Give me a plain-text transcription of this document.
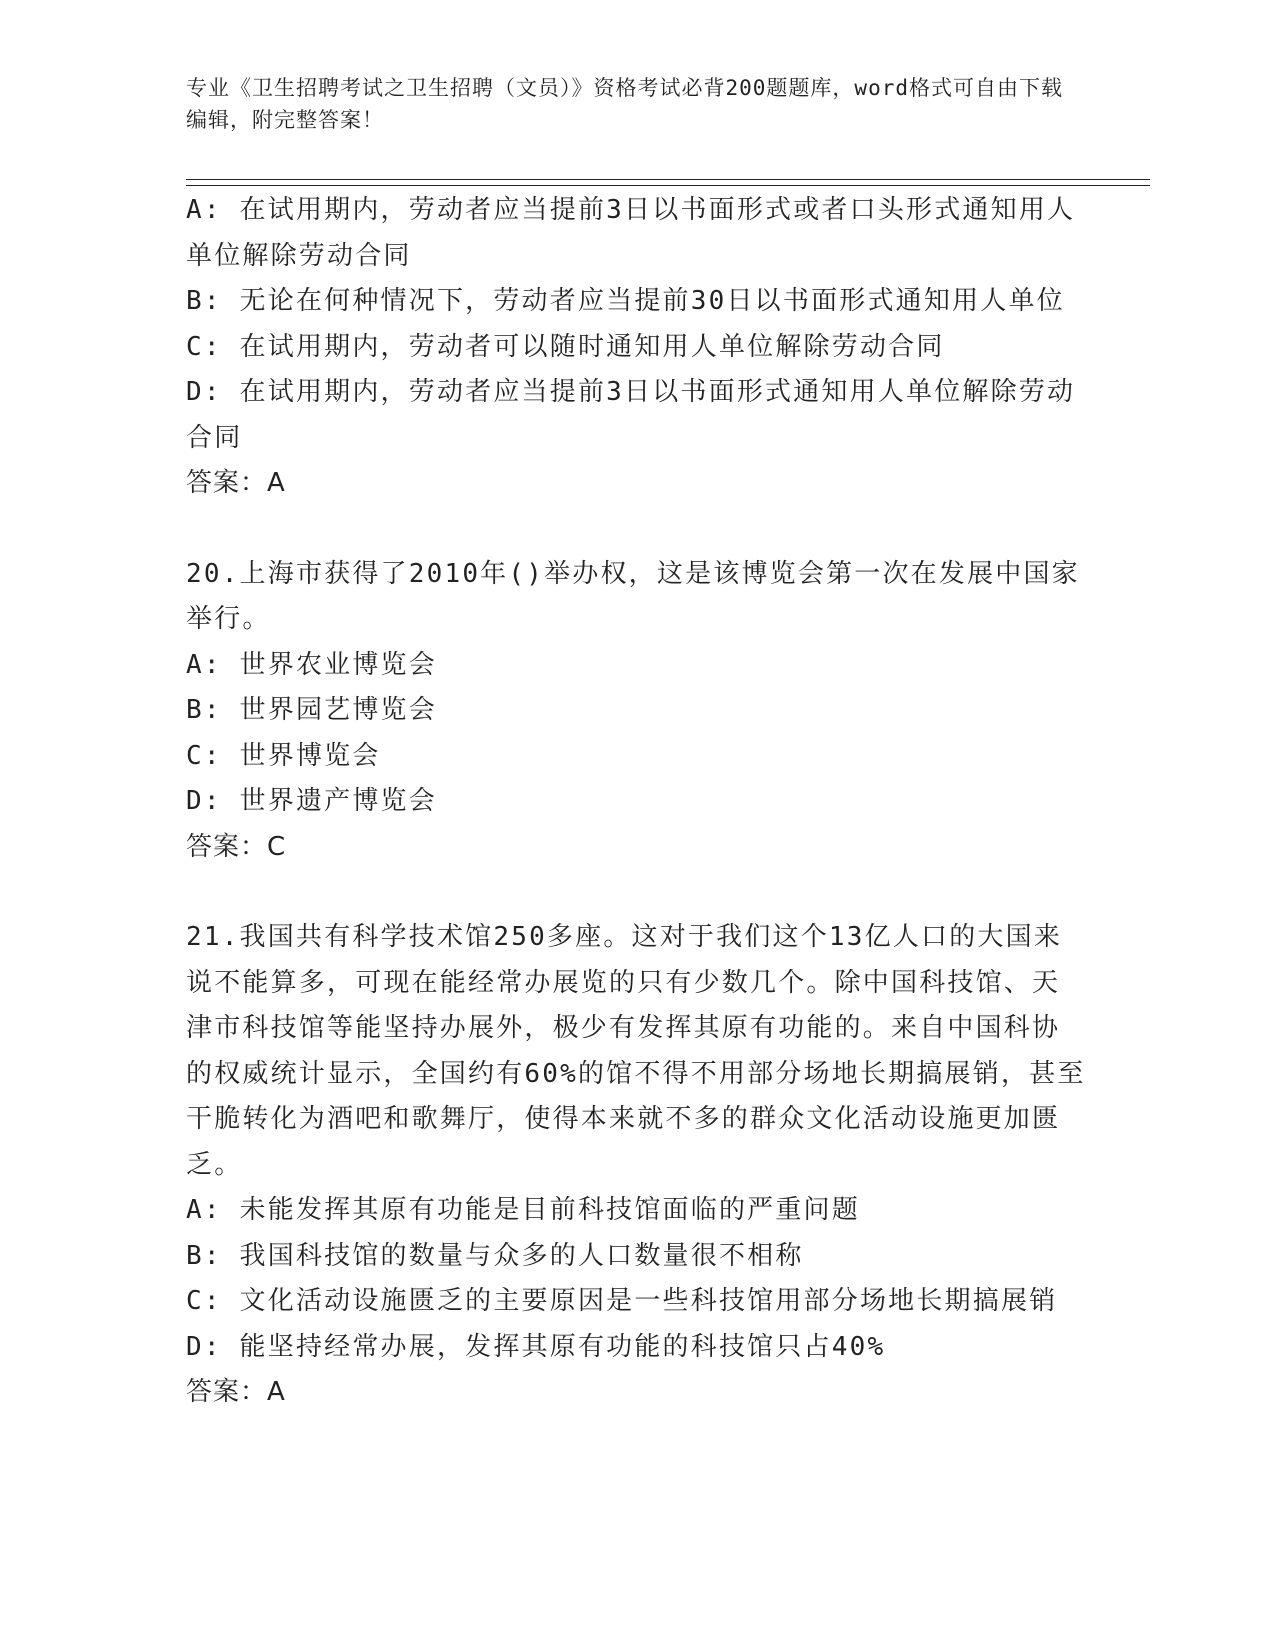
专业《卫生招聘考试之卫生招聘（文员）》资格考试必背200题题库，word格式可自由下载编辑，附完整答案！

A: 在试用期内，劳动者应当提前3日以书面形式或者口头形式通知用人单位解除劳动合同

B: 无论在何种情况下，劳动者应当提前30日以书面形式通知用人单位

C: 在试用期内，劳动者可以随时通知用人单位解除劳动合同

D: 在试用期内，劳动者应当提前3日以书面形式通知用人单位解除劳动合同

答案：A

20.上海市获得了2010年()举办权，这是该博览会第一次在发展中国家举行。

A: 世界农业博览会

B: 世界园艺博览会

C: 世界博览会

D: 世界遗产博览会

答案：C

21.我国共有科学技术馆250多座。这对于我们这个13亿人口的大国来说不能算多，可现在能经常办展览的只有少数几个。除中国科技馆、天津市科技馆等能坚持办展外，极少有发挥其原有功能的。来自中国科协的权威统计显示，全国约有60%的馆不得不用部分场地长期搞展销，甚至干脆转化为酒吧和歌舞厅，使得本来就不多的群众文化活动设施更加匮乏。

A: 未能发挥其原有功能是目前科技馆面临的严重问题

B: 我国科技馆的数量与众多的人口数量很不相称

C: 文化活动设施匮乏的主要原因是一些科技馆用部分场地长期搞展销

D: 能坚持经常办展，发挥其原有功能的科技馆只占40%

答案：A
